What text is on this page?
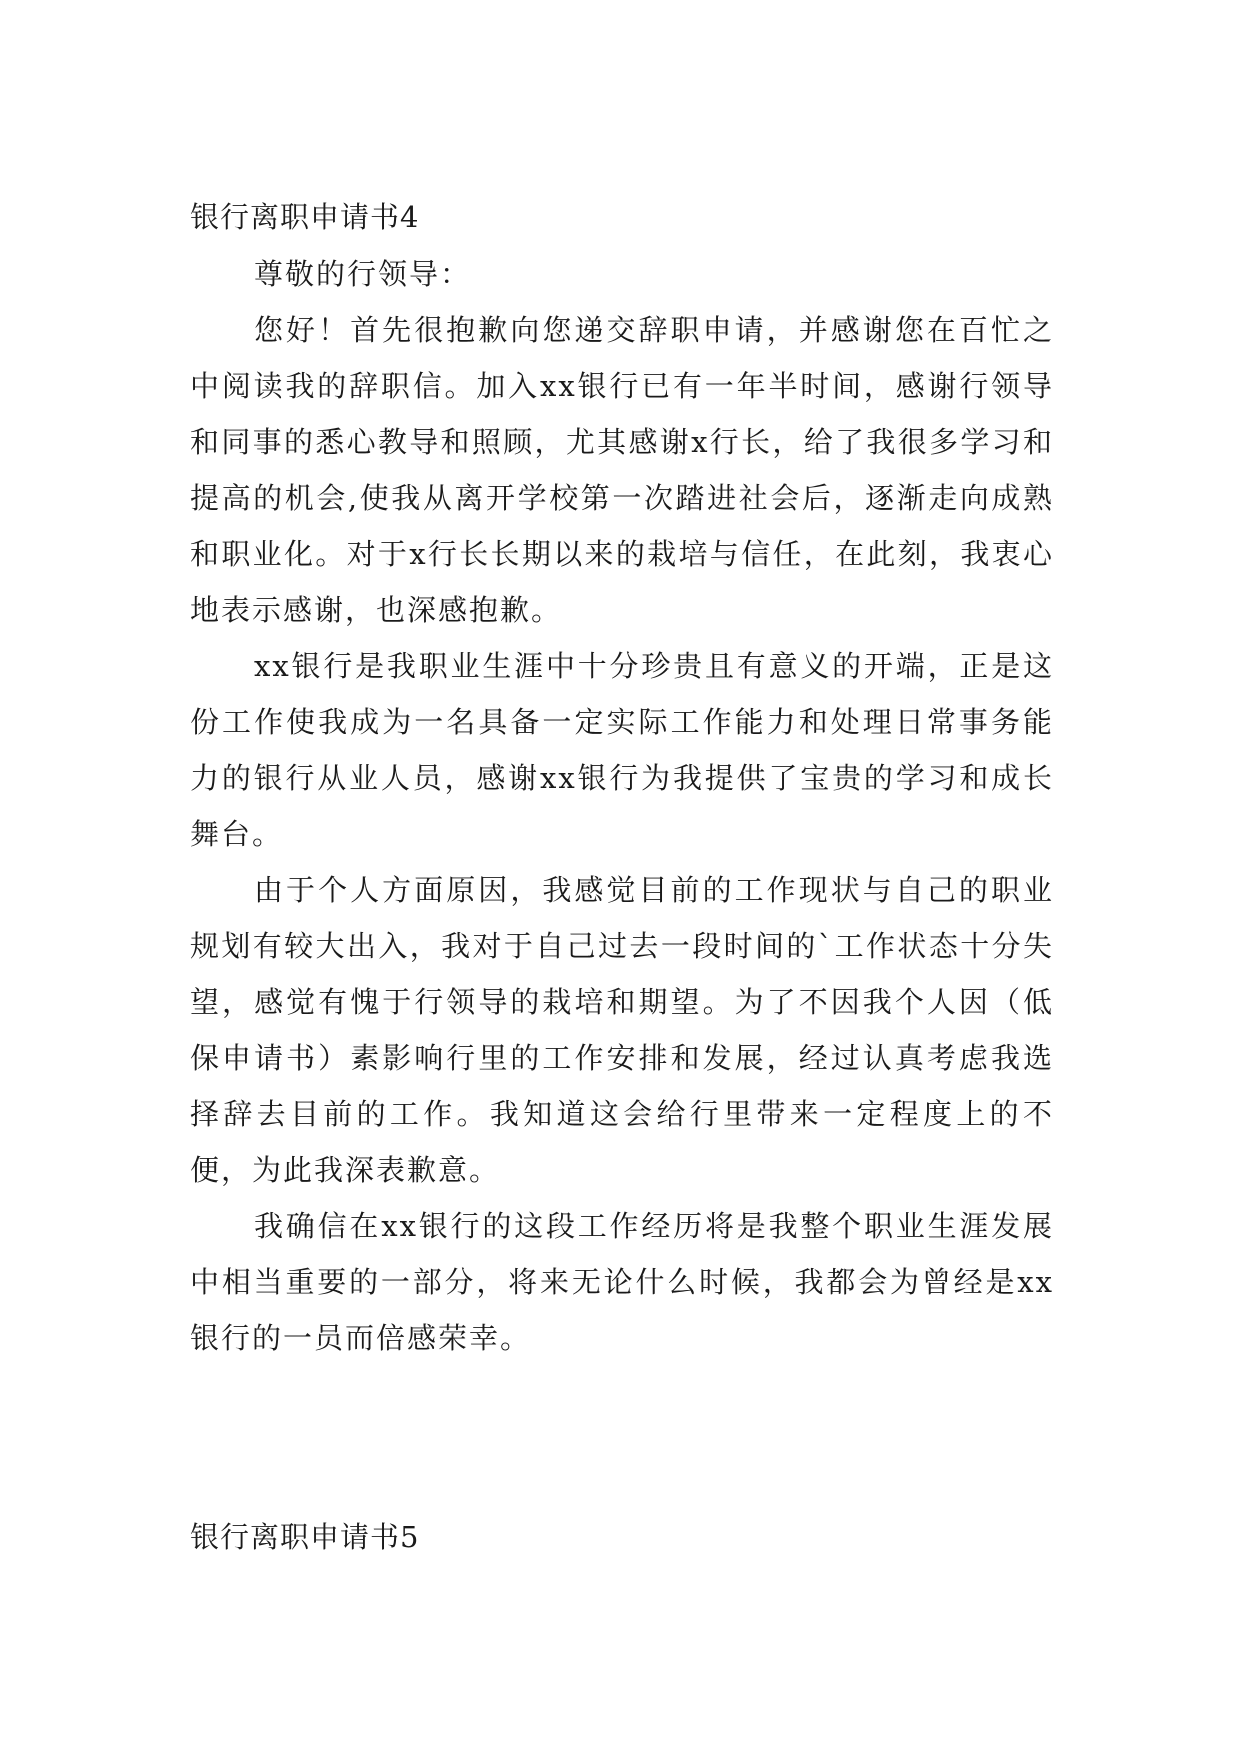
银行离职申请书4

尊敬的行领导：

您好！首先很抱歉向您递交辞职申请，并感谢您在百忙之中阅读我的辞职信。加入xx银行已有一年半时间，感谢行领导和同事的悉心教导和照顾，尤其感谢x行长，给了我很多学习和提高的机会,使我从离开学校第一次踏进社会后，逐渐走向成熟和职业化。对于x行长长期以来的栽培与信任，在此刻，我衷心地表示感谢，也深感抱歉。

xx银行是我职业生涯中十分珍贵且有意义的开端，正是这份工作使我成为一名具备一定实际工作能力和处理日常事务能力的银行从业人员，感谢xx银行为我提供了宝贵的学习和成长舞台。

由于个人方面原因，我感觉目前的工作现状与自己的职业规划有较大出入，我对于自己过去一段时间的`工作状态十分失望，感觉有愧于行领导的栽培和期望。为了不因我个人因（低保申请书）素影响行里的工作安排和发展，经过认真考虑我选择辞去目前的工作。我知道这会给行里带来一定程度上的不便，为此我深表歉意。

我确信在xx银行的这段工作经历将是我整个职业生涯发展中相当重要的一部分，将来无论什么时候，我都会为曾经是xx银行的一员而倍感荣幸。

银行离职申请书5
